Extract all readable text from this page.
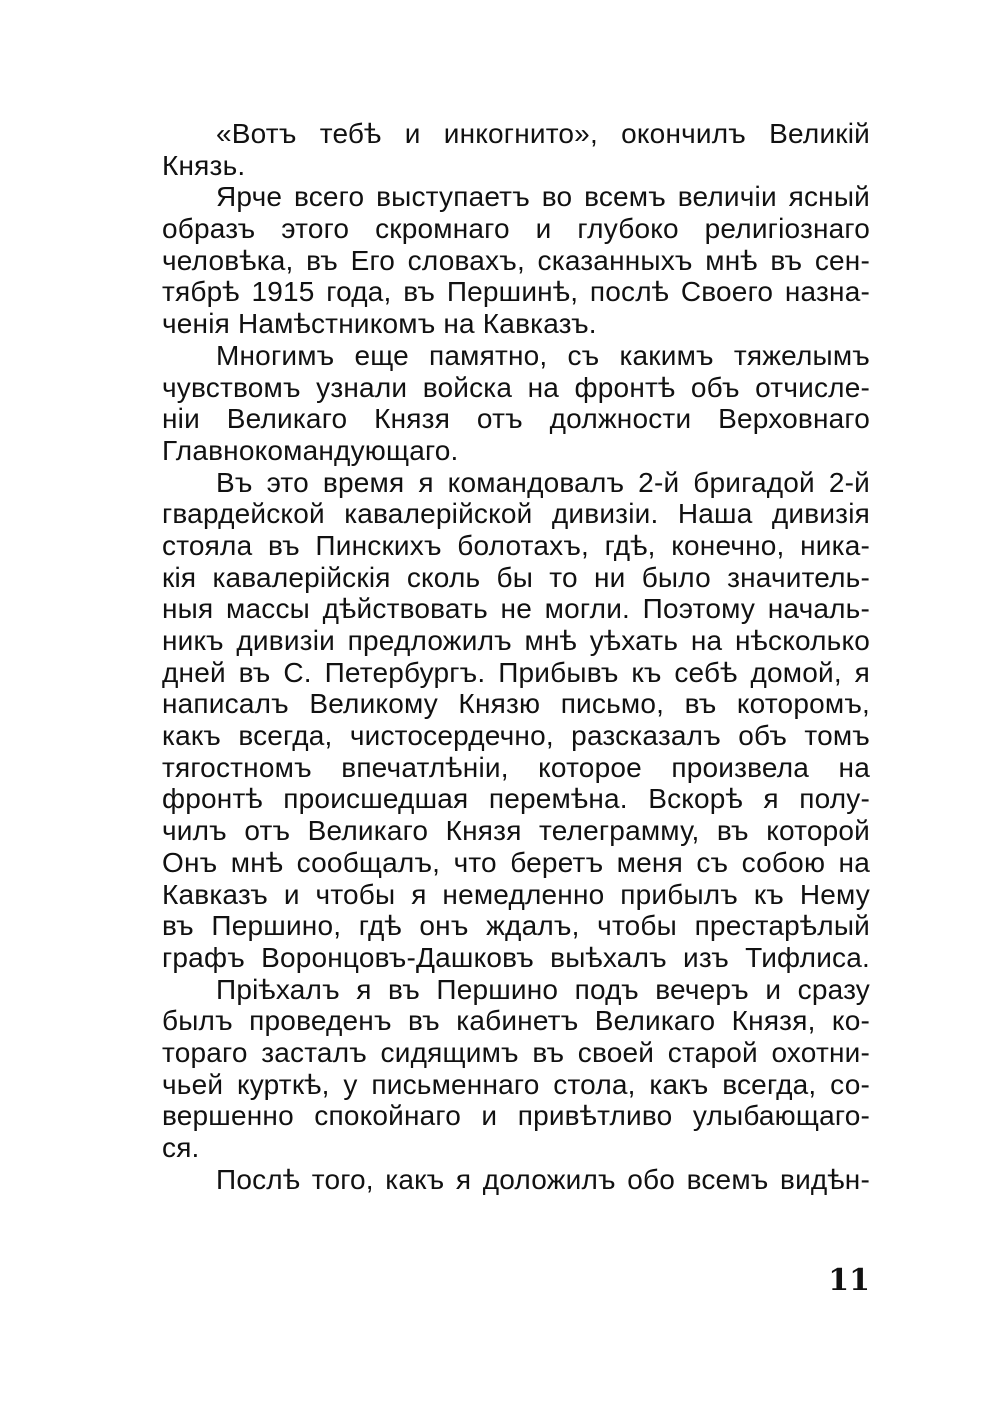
«Вотъ тебѣ и инкогнито», окончилъ Великій
Князь.
Ярче всего выступаетъ во всемъ величіи ясный
образъ этого скромнаго и глубоко религіознаго
человѣка, въ Его словахъ, сказанныхъ мнѣ въ сен-
тябрѣ 1915 года, въ Першинѣ, послѣ Своего назна-
ченія Намѣстникомъ на Кавказъ.
Многимъ еще памятно, съ какимъ тяжелымъ
чувствомъ узнали войска на фронтѣ объ отчисле-
ніи Великаго Князя отъ должности Верховнаго
Главнокомандующаго.
Въ это время я командовалъ 2-й бригадой 2-й
гвардейской кавалерійской дивизіи. Наша дивизія
стояла въ Пинскихъ болотахъ, гдѣ, конечно, ника-
кія кавалерійскія сколь бы то ни было значитель-
ныя массы дѣйствовать не могли. Поэтому началь-
никъ дивизіи предложилъ мнѣ уѣхать на нѣсколько
дней въ С. Петербургъ. Прибывъ къ себѣ домой, я
написалъ Великому Князю письмо, въ которомъ,
какъ всегда, чистосердечно, разсказалъ объ томъ
тягостномъ впечатлѣніи, которое произвела на
фронтѣ происшедшая перемѣна. Вскорѣ я полу-
чилъ отъ Великаго Князя телеграмму, въ которой
Онъ мнѣ сообщалъ, что беретъ меня съ собою на
Кавказъ и чтобы я немедленно прибылъ къ Нему
въ Першино, гдѣ онъ ждалъ, чтобы престарѣлый
графъ Воронцовъ-Дашковъ выѣхалъ изъ Тифлиса.
Пріѣхалъ я въ Першино подъ вечеръ и сразу
былъ проведенъ въ кабинетъ Великаго Князя, ко-
тораго засталъ сидящимъ въ своей старой охотни-
чьей курткѣ, у письменнаго стола, какъ всегда, со-
вершенно спокойнаго и привѣтливо улыбающаго-
ся.
Послѣ того, какъ я доложилъ обо всемъ видѣн-
11
